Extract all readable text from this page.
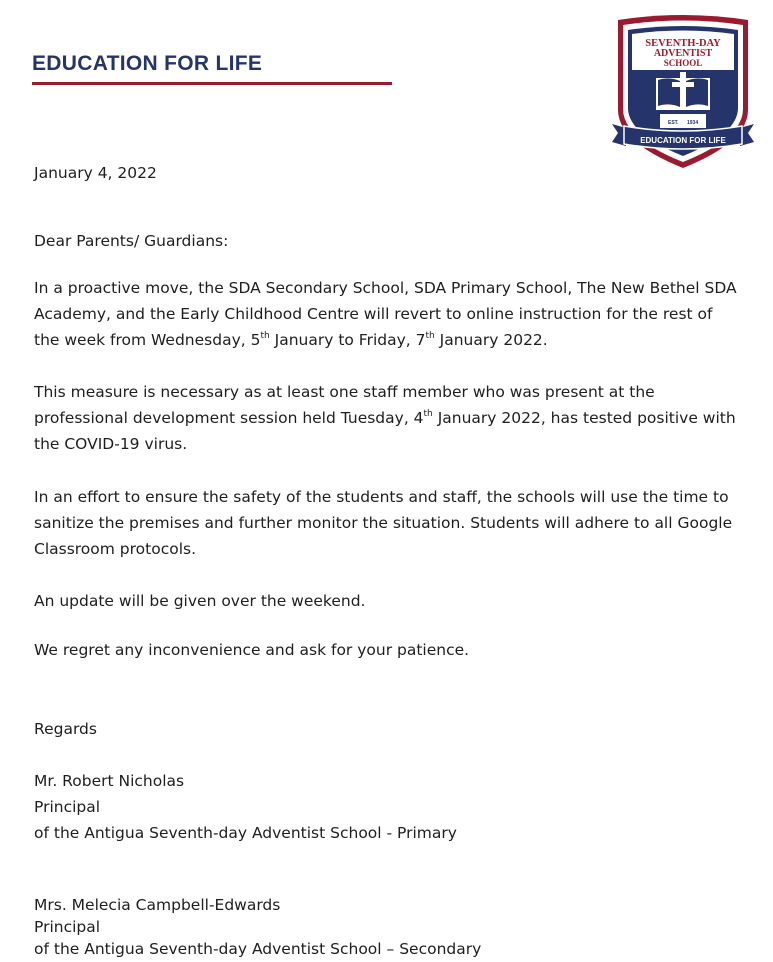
EDUCATION FOR LIFE
SEVENTH-DAY
ADVENTIST
SCHOOL
EST. 1934
EDUCATION FOR LIFE
January 4, 2022
Dear Parents/ Guardians:
In a proactive move, the SDA Secondary School, SDA Primary School, The New Bethel SDA Academy, and the Early Childhood Centre will revert to online instruction for the rest of the week from Wednesday, 5th January to Friday, 7th January 2022.
This measure is necessary as at least one staff member who was present at the professional development session held Tuesday, 4th January 2022, has tested positive with the COVID-19 virus.
In an effort to ensure the safety of the students and staff, the schools will use the time to sanitize the premises and further monitor the situation. Students will adhere to all Google Classroom protocols.
An update will be given over the weekend.
We regret any inconvenience and ask for your patience.
Regards
Mr. Robert Nicholas
Principal
of the Antigua Seventh-day Adventist School - Primary
Mrs. Melecia Campbell-Edwards
Principal
of the Antigua Seventh-day Adventist School – Secondary
